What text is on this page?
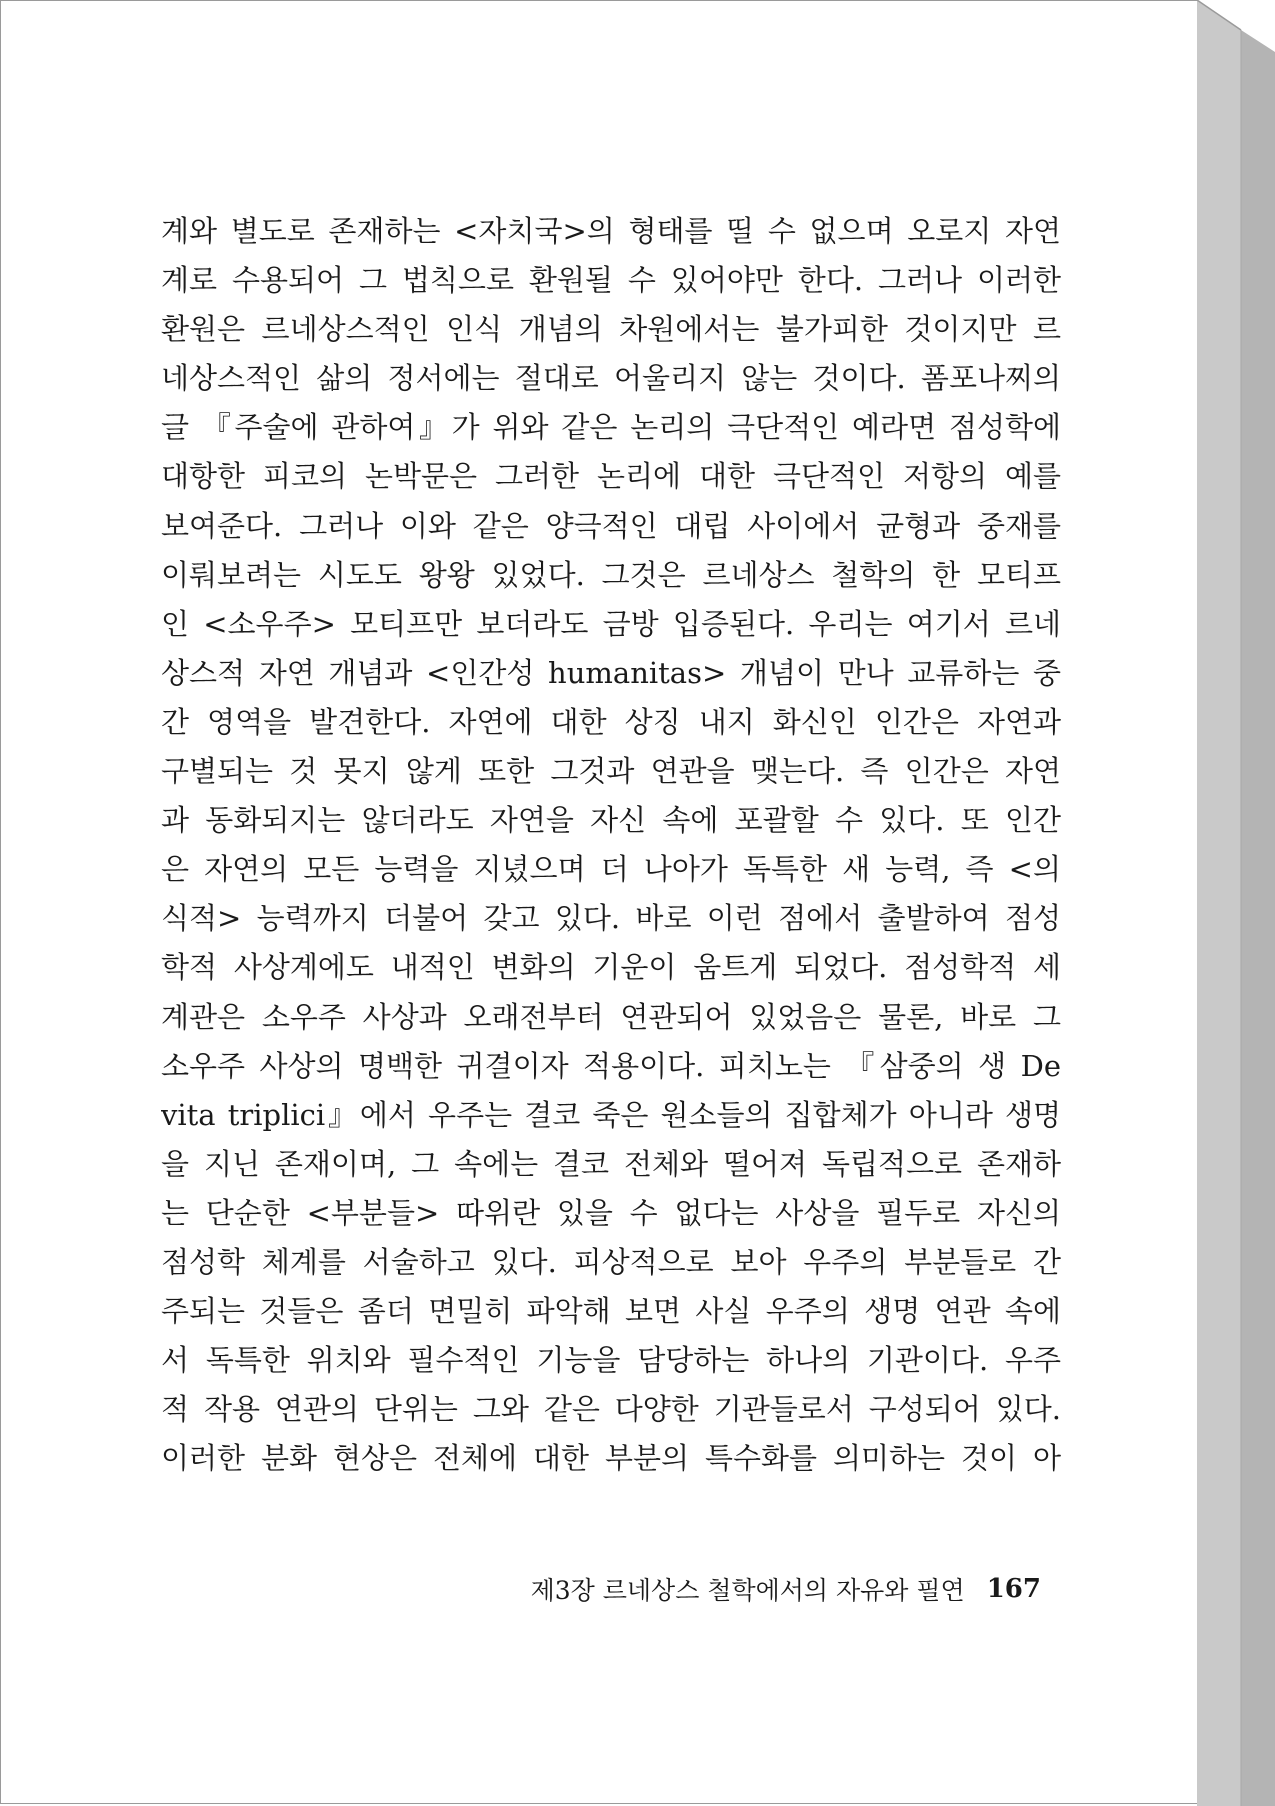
계와 별도로 존재하는 <자치국>의 형태를 띨 수 없으며 오로지 자연
계로 수용되어 그 법칙으로 환원될 수 있어야만 한다. 그러나 이러한
환원은 르네상스적인 인식 개념의 차원에서는 불가피한 것이지만 르
네상스적인 삶의 정서에는 절대로 어울리지 않는 것이다. 폼포나찌의
글 『주술에 관하여』가 위와 같은 논리의 극단적인 예라면 점성학에
대항한 피코의 논박문은 그러한 논리에 대한 극단적인 저항의 예를
보여준다. 그러나 이와 같은 양극적인 대립 사이에서 균형과 중재를
이뤄보려는 시도도 왕왕 있었다. 그것은 르네상스 철학의 한 모티프
인 <소우주> 모티프만 보더라도 금방 입증된다. 우리는 여기서 르네
상스적 자연 개념과 <인간성 humanitas> 개념이 만나 교류하는 중
간 영역을 발견한다. 자연에 대한 상징 내지 화신인 인간은 자연과
구별되는 것 못지 않게 또한 그것과 연관을 맺는다. 즉 인간은 자연
과 동화되지는 않더라도 자연을 자신 속에 포괄할 수 있다. 또 인간
은 자연의 모든 능력을 지녔으며 더 나아가 독특한 새 능력, 즉 <의
식적> 능력까지 더불어 갖고 있다. 바로 이런 점에서 출발하여 점성
학적 사상계에도 내적인 변화의 기운이 움트게 되었다. 점성학적 세
계관은 소우주 사상과 오래전부터 연관되어 있었음은 물론, 바로 그
소우주 사상의 명백한 귀결이자 적용이다. 피치노는 『삼중의 생 De
vita triplici』에서 우주는 결코 죽은 원소들의 집합체가 아니라 생명
을 지닌 존재이며, 그 속에는 결코 전체와 떨어져 독립적으로 존재하
는 단순한 <부분들> 따위란 있을 수 없다는 사상을 필두로 자신의
점성학 체계를 서술하고 있다. 피상적으로 보아 우주의 부분들로 간
주되는 것들은 좀더 면밀히 파악해 보면 사실 우주의 생명 연관 속에
서 독특한 위치와 필수적인 기능을 담당하는 하나의 기관이다. 우주
적 작용 연관의 단위는 그와 같은 다양한 기관들로서 구성되어 있다.
이러한 분화 현상은 전체에 대한 부분의 특수화를 의미하는 것이 아
제3장 르네상스 철학에서의 자유와 필연 167
